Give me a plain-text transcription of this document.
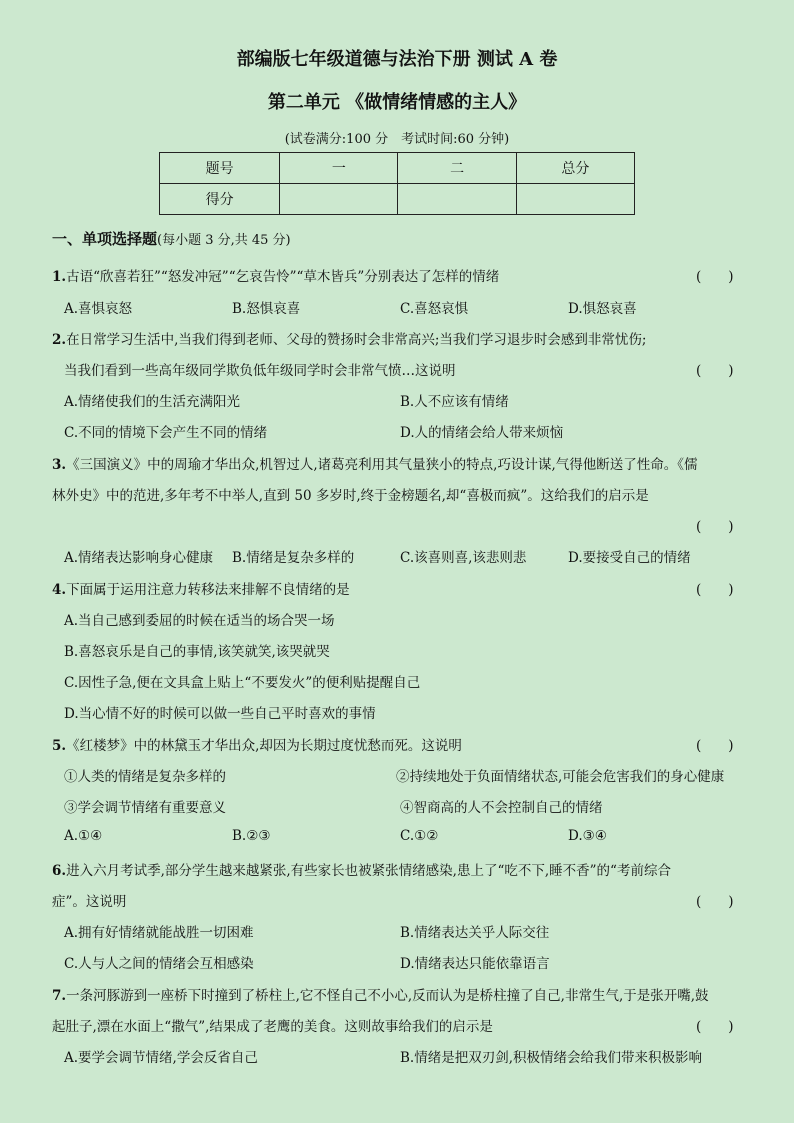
部编版七年级道德与法治下册 测试 A 卷
第二单元 《做情绪情感的主人》
(试卷满分:100 分　考试时间:60 分钟)
题号	一	二	总分
得分			
一、单项选择题(每小题 3 分,共 45 分)
1.古语“欣喜若狂”“怒发冲冠”“乞哀告怜”“草木皆兵”分别表达了怎样的情绪	(　　)
A.喜惧哀怒	B.怒惧哀喜	C.喜怒哀惧	D.惧怒哀喜
2.在日常学习生活中,当我们得到老师、父母的赞扬时会非常高兴;当我们学习退步时会感到非常忧伤;
当我们看到一些高年级同学欺负低年级同学时会非常气愤…这说明	(　　)
A.情绪使我们的生活充满阳光	B.人不应该有情绪
C.不同的情境下会产生不同的情绪	D.人的情绪会给人带来烦恼
3.《三国演义》中的周瑜才华出众,机智过人,诸葛亮利用其气量狭小的特点,巧设计谋,气得他断送了性命。《儒
林外史》中的范进,多年考不中举人,直到 50 多岁时,终于金榜题名,却“喜极而疯”。这给我们的启示是
(　　)
A.情绪表达影响身心健康 B.情绪是复杂多样的	C.该喜则喜,该悲则悲	D.要接受自己的情绪
4.下面属于运用注意力转移法来排解不良情绪的是	(　　)
A.当自己感到委屈的时候在适当的场合哭一场
B.喜怒哀乐是自己的事情,该笑就笑,该哭就哭
C.因性子急,便在文具盒上贴上“不要发火”的便利贴提醒自己
D.当心情不好的时候可以做一些自己平时喜欢的事情
5.《红楼梦》中的林黛玉才华出众,却因为长期过度忧愁而死。这说明	(　　)
①人类的情绪是复杂多样的	②持续地处于负面情绪状态,可能会危害我们的身心健康
③学会调节情绪有重要意义	④智商高的人不会控制自己的情绪
A.①④	B.②③	C.①②	D.③④
6.进入六月考试季,部分学生越来越紧张,有些家长也被紧张情绪感染,患上了“吃不下,睡不香”的“考前综合
症”。这说明	(　　)
A.拥有好情绪就能战胜一切困难	B.情绪表达关乎人际交往
C.人与人之间的情绪会互相感染	D.情绪表达只能依靠语言
7.一条河豚游到一座桥下时撞到了桥柱上,它不怪自己不小心,反而认为是桥柱撞了自己,非常生气,于是张开嘴,鼓
起肚子,漂在水面上“撒气”,结果成了老鹰的美食。这则故事给我们的启示是	(　　)
A.要学会调节情绪,学会反省自己	B.情绪是把双刃剑,积极情绪会给我们带来积极影响
